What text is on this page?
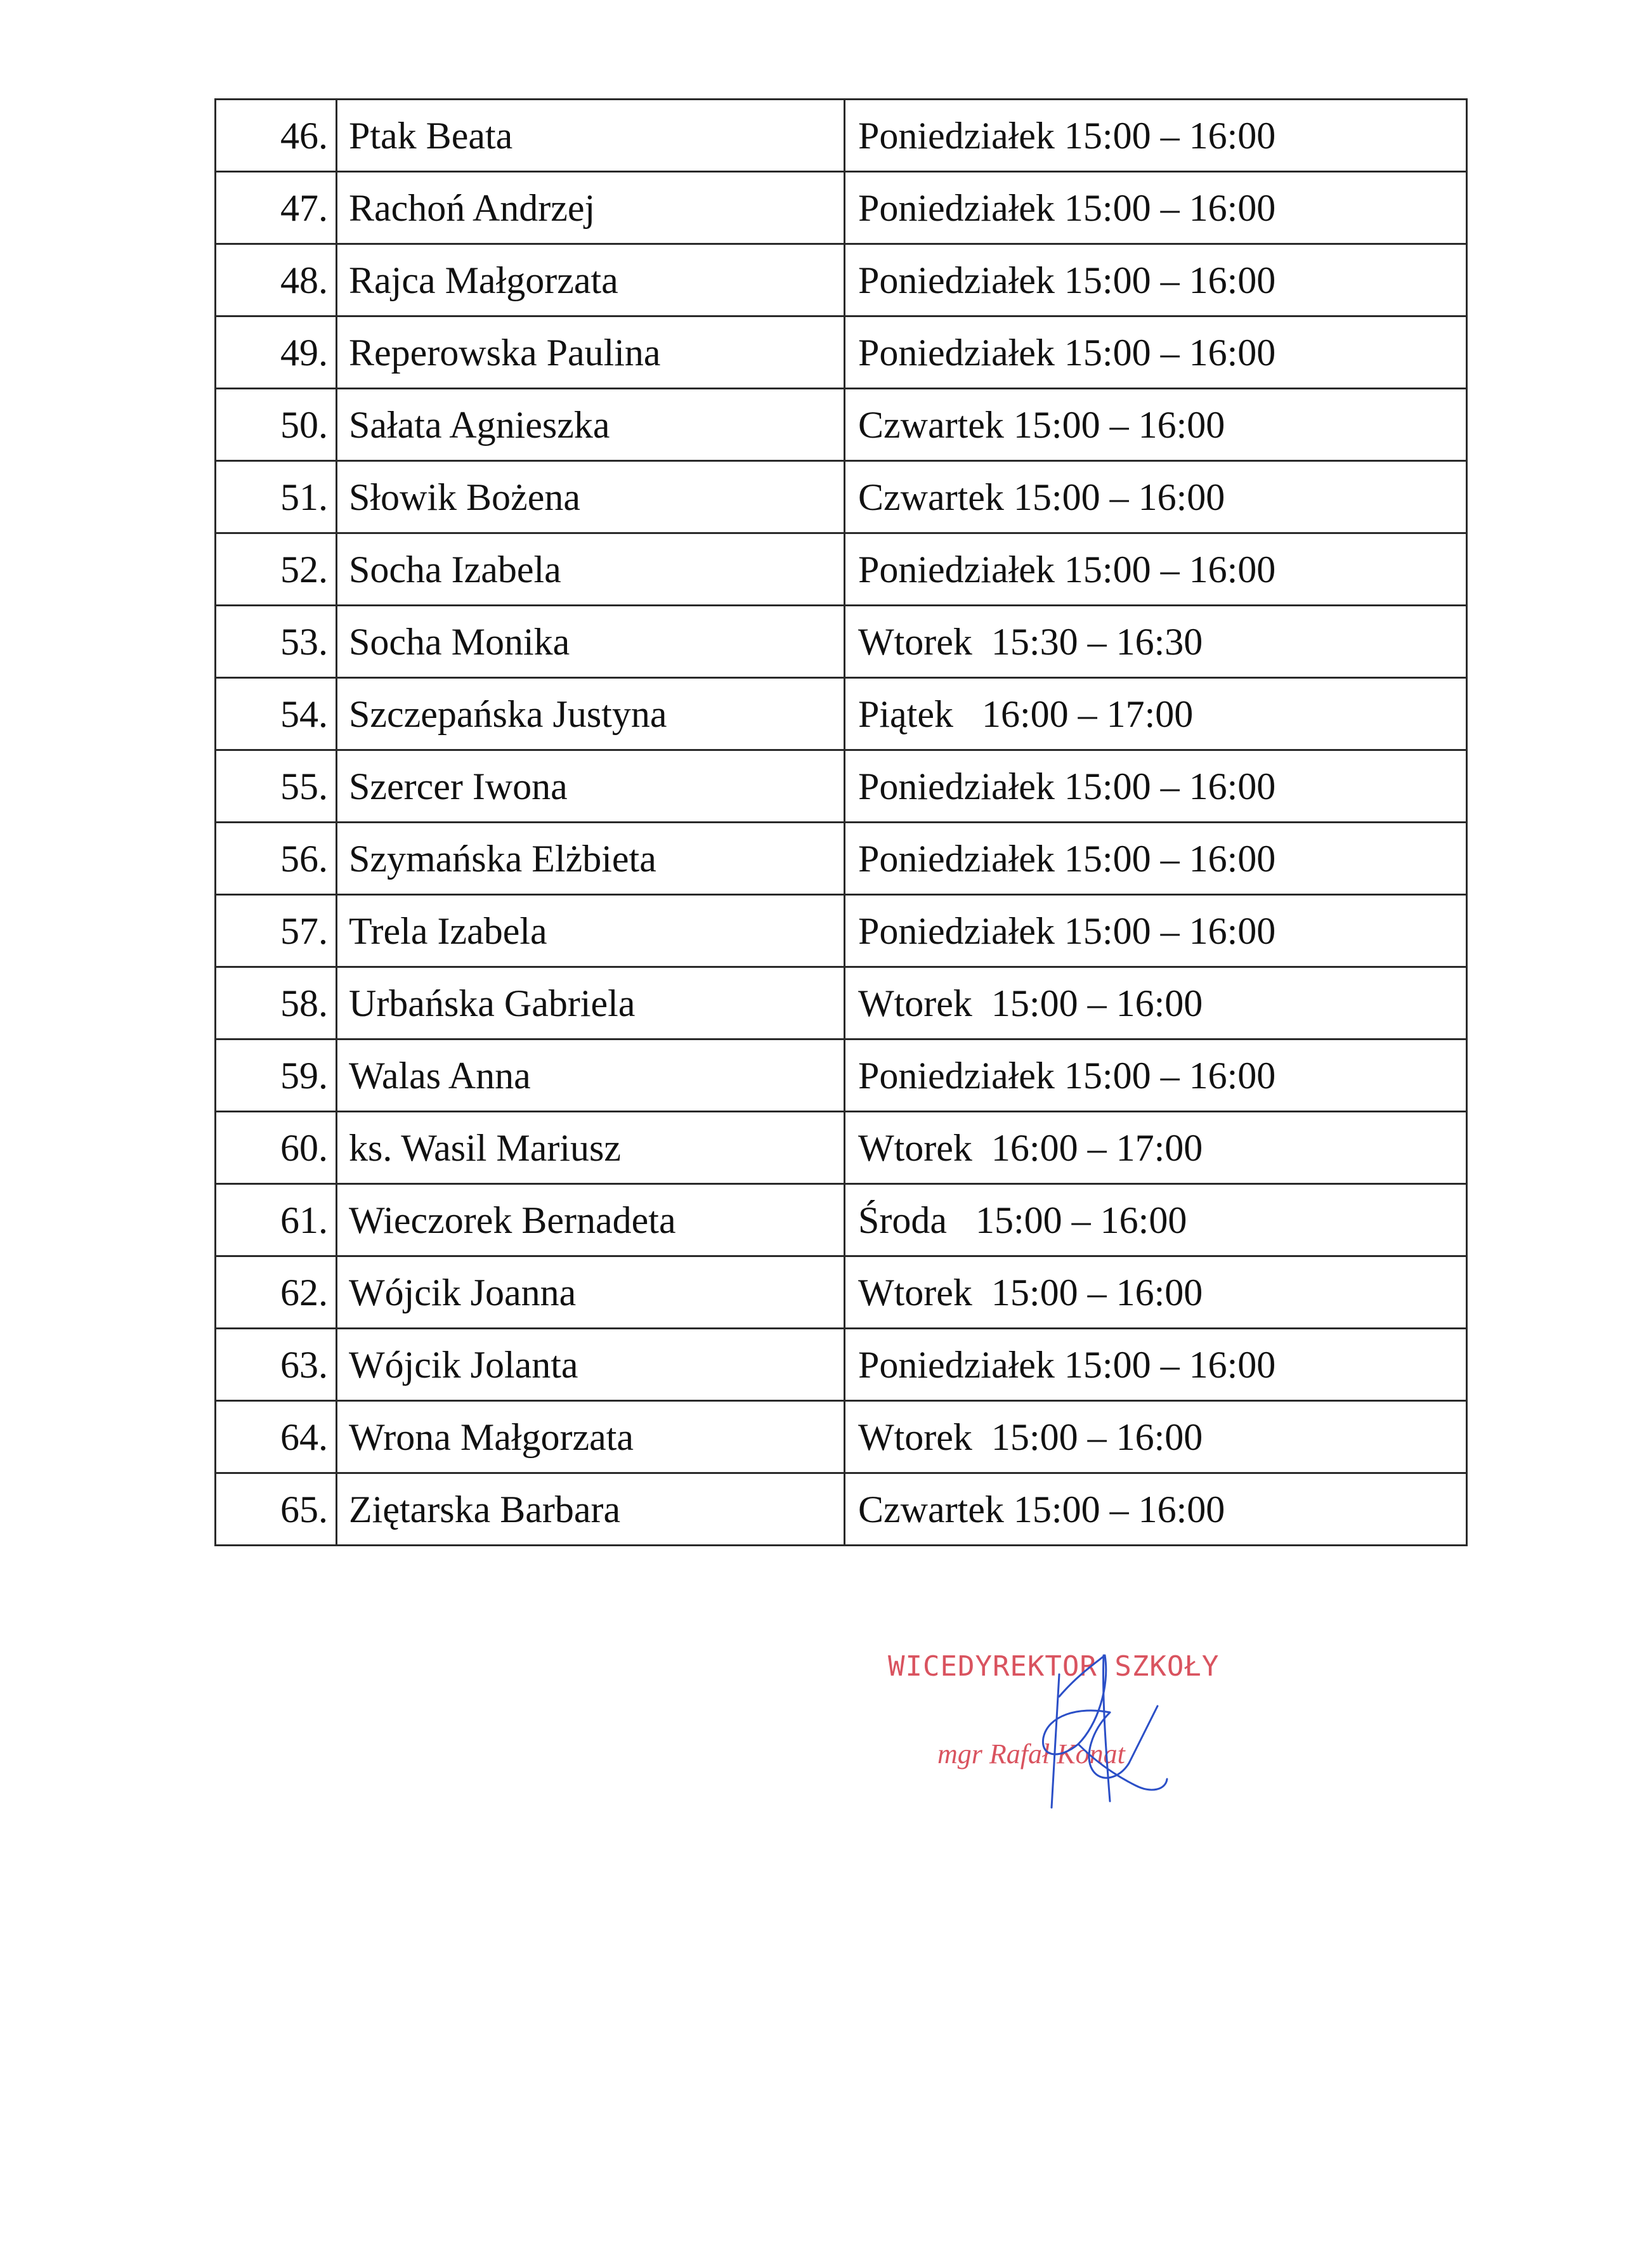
46.	Ptak Beata	Poniedziałek 15:00 – 16:00
47.	Rachoń Andrzej	Poniedziałek 15:00 – 16:00
48.	Rajca Małgorzata	Poniedziałek 15:00 – 16:00
49.	Reperowska Paulina	Poniedziałek 15:00 – 16:00
50.	Sałata Agnieszka	Czwartek 15:00 – 16:00
51.	Słowik Bożena	Czwartek 15:00 – 16:00
52.	Socha Izabela	Poniedziałek 15:00 – 16:00
53.	Socha Monika	Wtorek  15:30 – 16:30
54.	Szczepańska Justyna	Piątek   16:00 – 17:00
55.	Szercer Iwona	Poniedziałek 15:00 – 16:00
56.	Szymańska Elżbieta	Poniedziałek 15:00 – 16:00
57.	Trela Izabela	Poniedziałek 15:00 – 16:00
58.	Urbańska Gabriela	Wtorek  15:00 – 16:00
59.	Walas Anna	Poniedziałek 15:00 – 16:00
60.	ks. Wasil Mariusz	Wtorek  16:00 – 17:00
61.	Wieczorek Bernadeta	Środa   15:00 – 16:00
62.	Wójcik Joanna	Wtorek  15:00 – 16:00
63.	Wójcik Jolanta	Poniedziałek 15:00 – 16:00
64.	Wrona Małgorzata	Wtorek  15:00 – 16:00
65.	Ziętarska Barbara	Czwartek 15:00 – 16:00
WICEDYREKTOR SZKOŁY
mgr Rafał Konat
